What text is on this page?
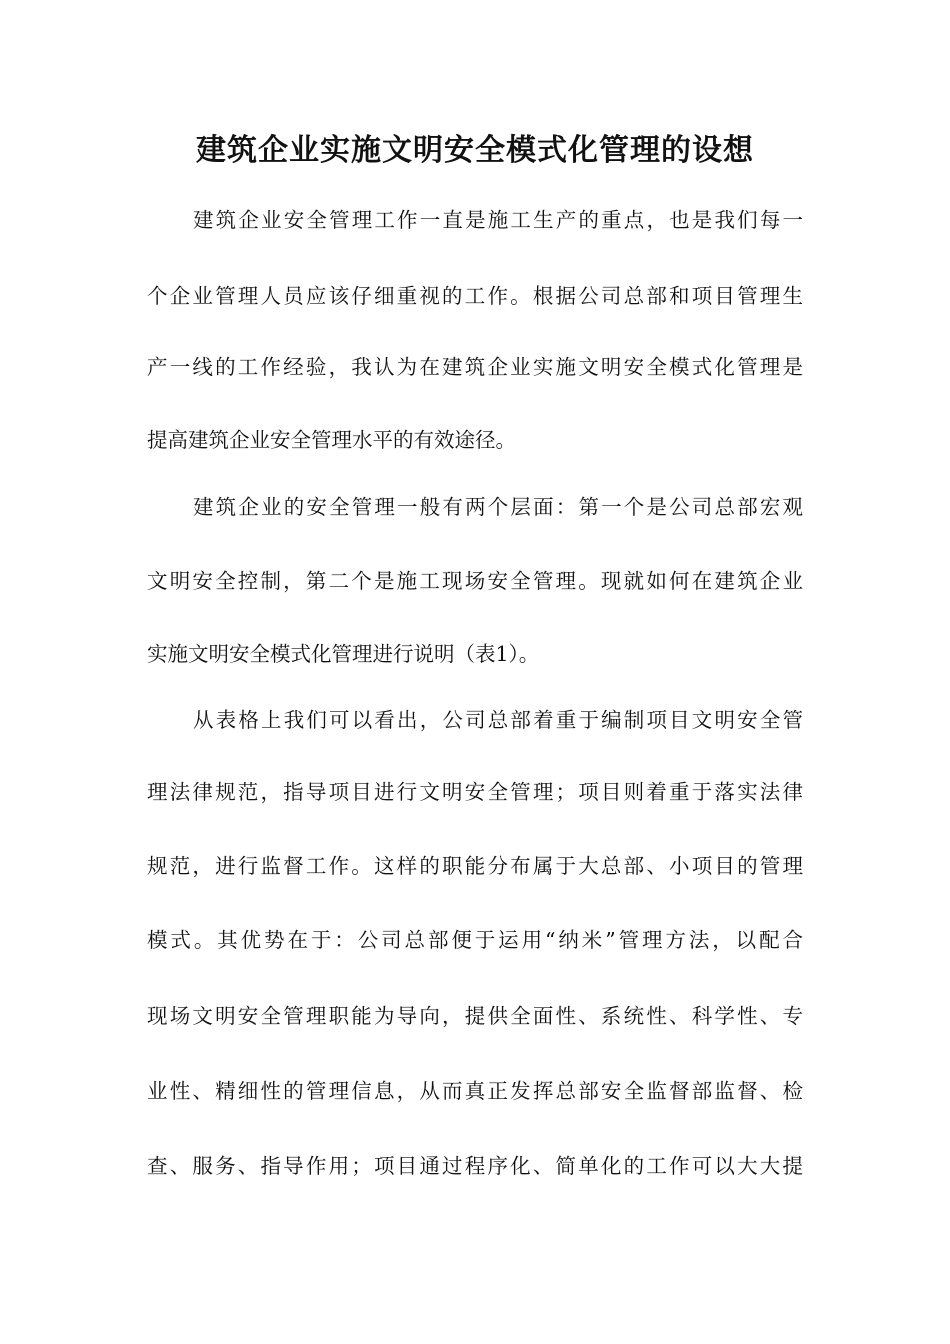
建筑企业实施文明安全模式化管理的设想
建筑企业安全管理工作一直是施工生产的重点，也是我们每一
个企业管理人员应该仔细重视的工作。根据公司总部和项目管理生
产一线的工作经验，我认为在建筑企业实施文明安全模式化管理是
提高建筑企业安全管理水平的有效途径。
建筑企业的安全管理一般有两个层面：第一个是公司总部宏观
文明安全控制，第二个是施工现场安全管理。现就如何在建筑企业
实施文明安全模式化管理进行说明（表1）。
从表格上我们可以看出，公司总部着重于编制项目文明安全管
理法律规范，指导项目进行文明安全管理；项目则着重于落实法律
规范，进行监督工作。这样的职能分布属于大总部、小项目的管理
模式。其优势在于：公司总部便于运用“纳米”管理方法，以配合
现场文明安全管理职能为导向，提供全面性、系统性、科学性、专
业性、精细性的管理信息，从而真正发挥总部安全监督部监督、检
查、服务、指导作用；项目通过程序化、简单化的工作可以大大提
